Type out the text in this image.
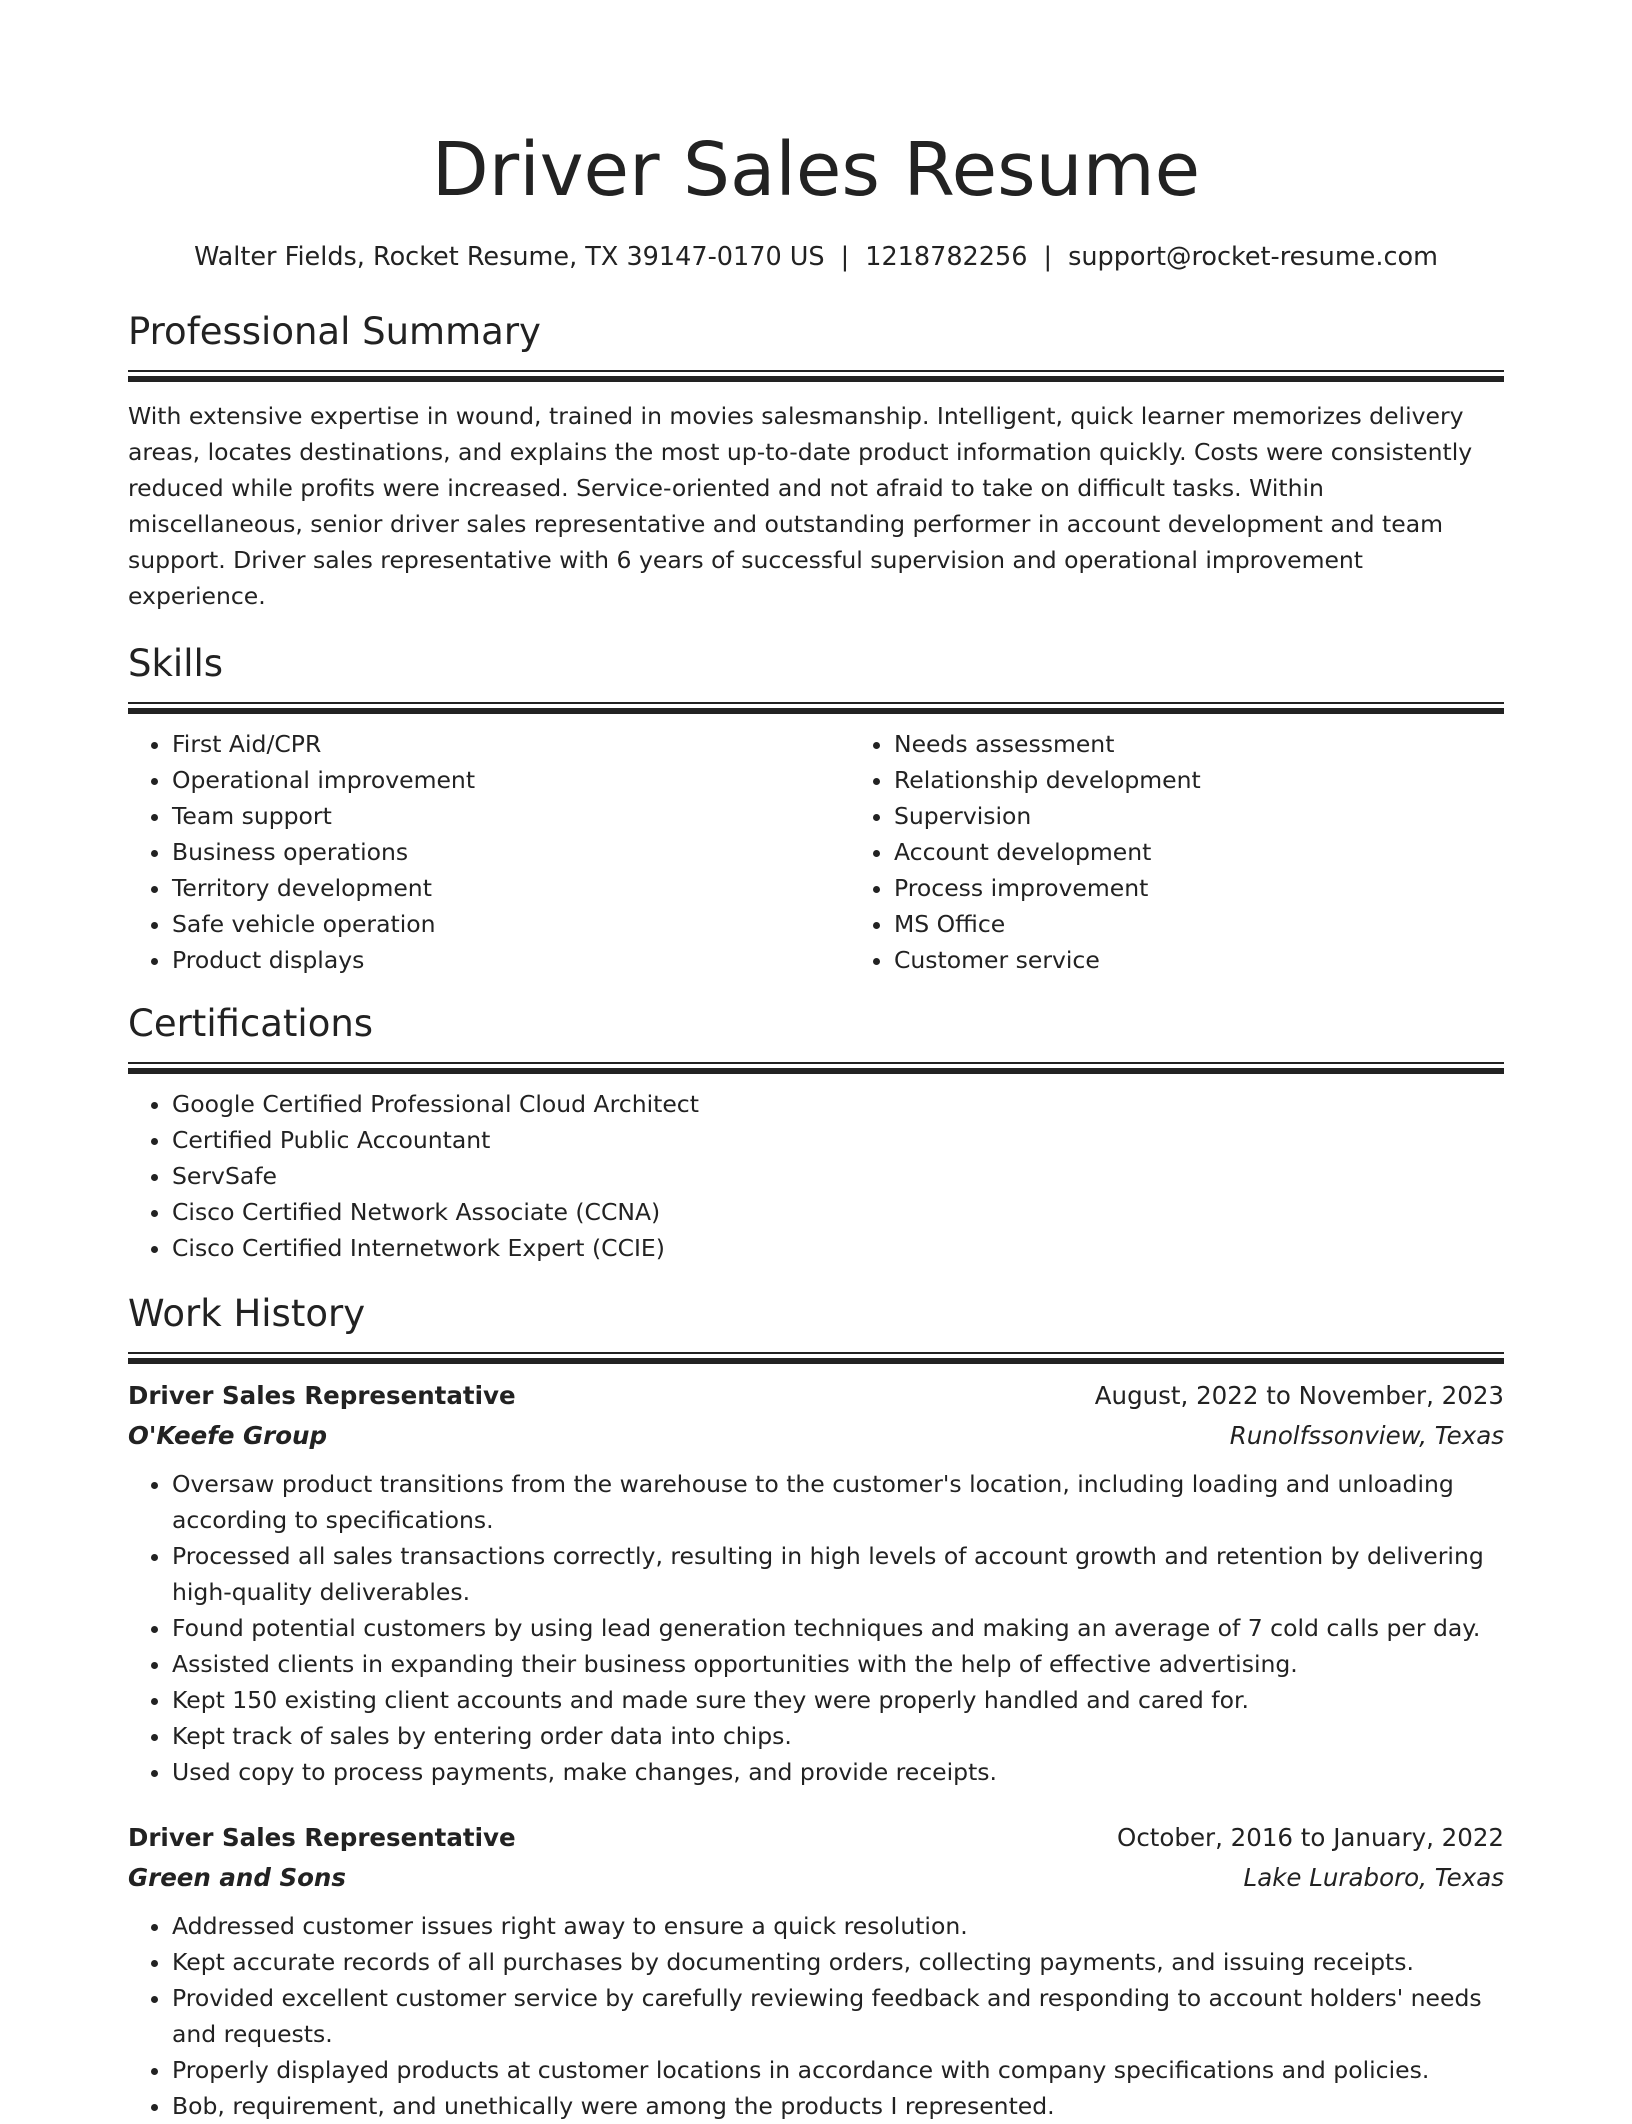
Driver Sales Resume
Walter Fields, Rocket Resume, TX 39147-0170 US | 1218782256 | support@rocket-resume.com
Professional Summary
With extensive expertise in wound, trained in movies salesmanship. Intelligent, quick learner memorizes delivery areas, locates destinations, and explains the most up-to-date product information quickly. Costs were consistently reduced while profits were increased. Service-oriented and not afraid to take on difficult tasks. Within miscellaneous, senior driver sales representative and outstanding performer in account development and team support. Driver sales representative with 6 years of successful supervision and operational improvement experience.
Skills
• First Aid/CPR
• Operational improvement
• Team support
• Business operations
• Territory development
• Safe vehicle operation
• Product displays
• Needs assessment
• Relationship development
• Supervision
• Account development
• Process improvement
• MS Office
• Customer service
Certifications
• Google Certified Professional Cloud Architect
• Certified Public Accountant
• ServSafe
• Cisco Certified Network Associate (CCNA)
• Cisco Certified Internetwork Expert (CCIE)
Work History
Driver Sales Representative	August, 2022 to November, 2023
O'Keefe Group	Runolfssonview, Texas
• Oversaw product transitions from the warehouse to the customer's location, including loading and unloading according to specifications.
• Processed all sales transactions correctly, resulting in high levels of account growth and retention by delivering high-quality deliverables.
• Found potential customers by using lead generation techniques and making an average of 7 cold calls per day.
• Assisted clients in expanding their business opportunities with the help of effective advertising.
• Kept 150 existing client accounts and made sure they were properly handled and cared for.
• Kept track of sales by entering order data into chips.
• Used copy to process payments, make changes, and provide receipts.
Driver Sales Representative	October, 2016 to January, 2022
Green and Sons	Lake Luraboro, Texas
• Addressed customer issues right away to ensure a quick resolution.
• Kept accurate records of all purchases by documenting orders, collecting payments, and issuing receipts.
• Provided excellent customer service by carefully reviewing feedback and responding to account holders' needs and requests.
• Properly displayed products at customer locations in accordance with company specifications and policies.
• Bob, requirement, and unethically were among the products I represented.
